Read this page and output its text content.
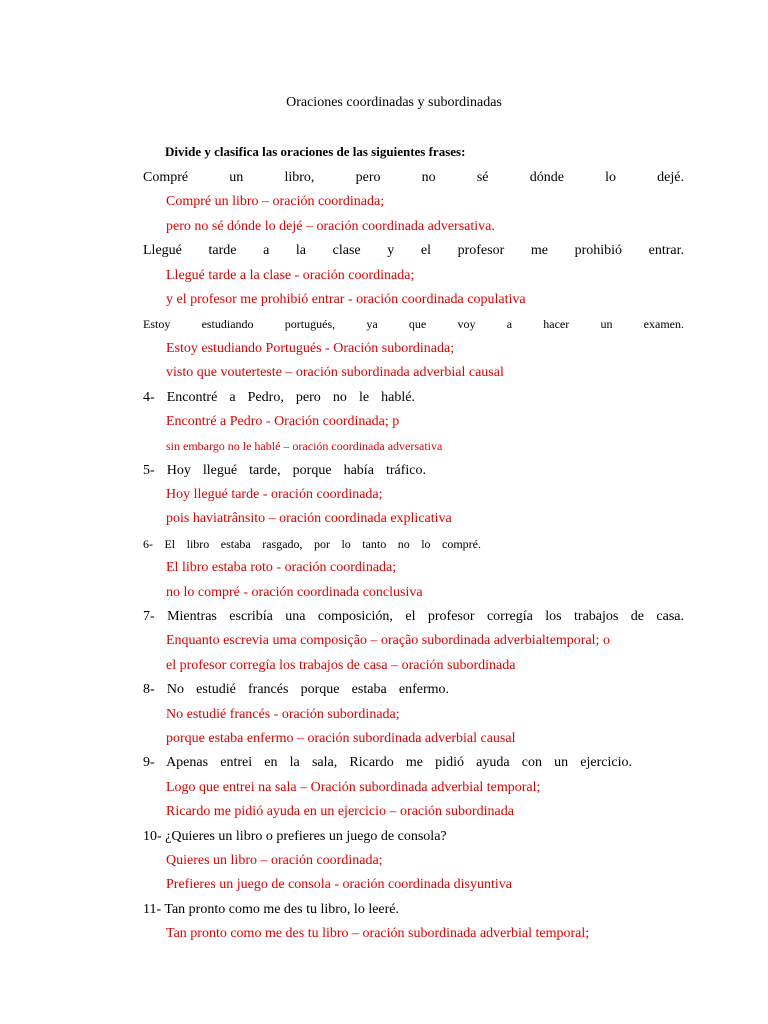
Oraciones coordinadas y subordinadas
Divide y clasifica las oraciones de las siguientes frases:
Compré un libro, pero no sé dónde lo dejé.
Compré un libro – oración coordinada;
pero no sé dónde lo dejé – oración coordinada adversativa.
Llegué tarde a la clase y el profesor me prohibió entrar.
Llegué tarde a la clase - oración coordinada;
y el profesor me prohibió entrar - oración coordinada copulativa
Estoy estudiando portugués, ya que voy a hacer un examen.
Estoy estudiando Portugués - Oración subordinada;
visto que vouterteste – oración subordinada adverbial causal
4- Encontré a Pedro, pero no le hablé.
Encontré a Pedro - Oración coordinada; p
sin embargo no le hablé – oración coordinada adversativa
5- Hoy llegué tarde, porque había tráfico.
Hoy llegué tarde - oración coordinada;
pois haviatrânsito – oración coordinada explicativa
6- El libro estaba rasgado, por lo tanto no lo compré.
El libro estaba roto - oración coordinada;
no lo compré - oración coordinada conclusiva
7- Mientras escribía una composición, el profesor corregía los trabajos de casa.
Enquanto escrevia uma composição – oração subordinada adverbialtemporal; o
el profesor corregía los trabajos de casa – oración subordinada
8- No estudié francés porque estaba enfermo.
No estudié francés - oración subordinada;
porque estaba enfermo – oración subordinada adverbial causal
9- Apenas entrei en la sala, Ricardo me pidió ayuda con un ejercicio.
Logo que entrei na sala – Oración subordinada adverbial temporal;
Ricardo me pidió ayuda en un ejercicio – oración subordinada
10- ¿Quieres un libro o prefieres un juego de consola?
Quieres un libro – oración coordinada;
Prefieres un juego de consola - oración coordinada disyuntiva
11- Tan pronto como me des tu libro, lo leeré.
Tan pronto como me des tu libro – oración subordinada adverbial temporal;
